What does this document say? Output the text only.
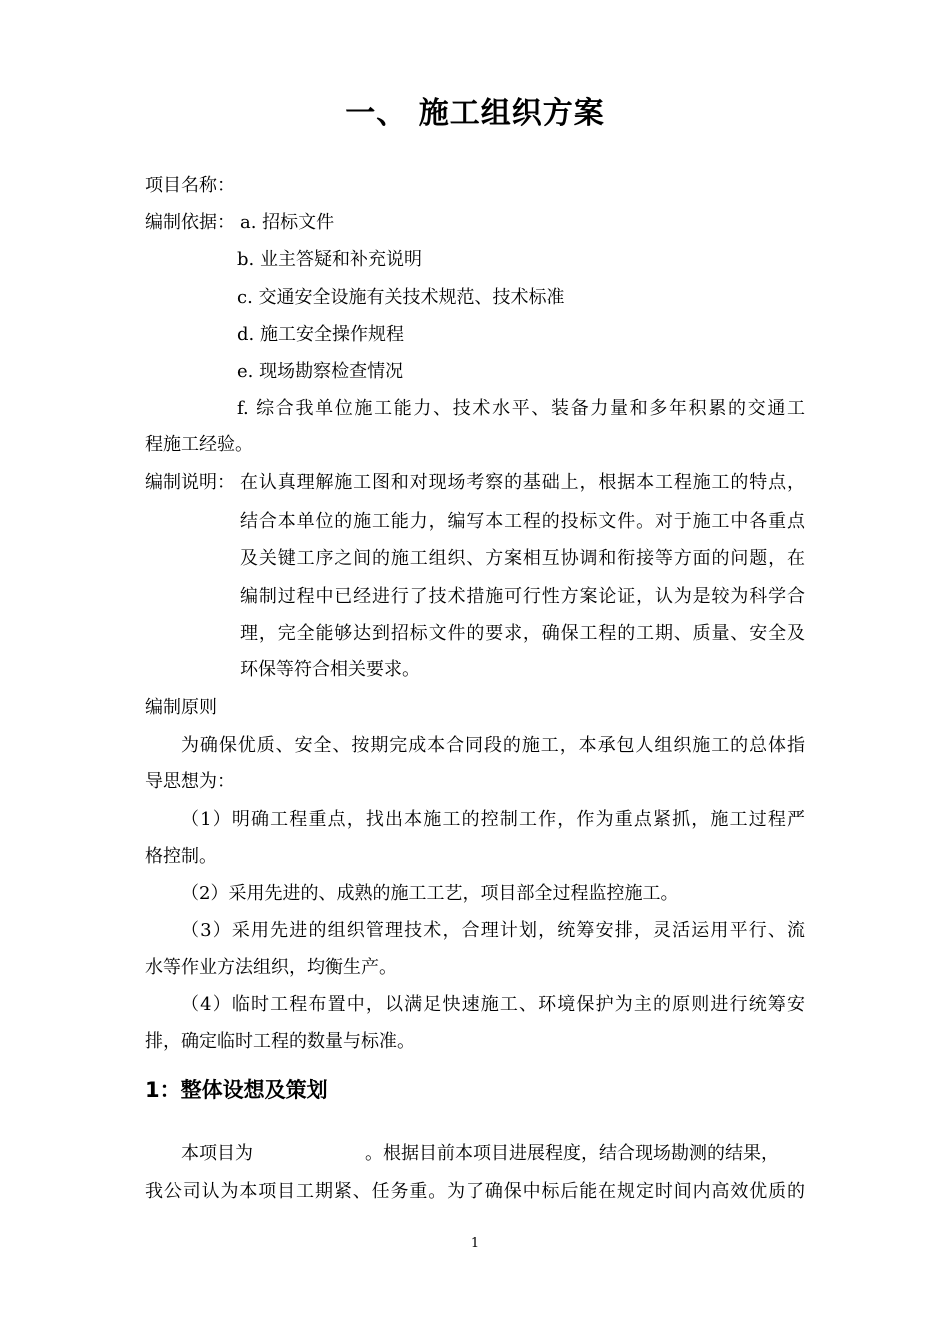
一、 施工组织方案
项目名称：
编制依据： a. 招标文件
b. 业主答疑和补充说明
c. 交通安全设施有关技术规范、技术标准
d. 施工安全操作规程
e. 现场勘察检查情况
f. 综合我单位施工能力、技术水平、装备力量和多年积累的交通工
程施工经验。
编制说明： 在认真理解施工图和对现场考察的基础上，根据本工程施工的特点，
结合本单位的施工能力，编写本工程的投标文件。对于施工中各重点
及关键工序之间的施工组织、方案相互协调和衔接等方面的问题，在
编制过程中已经进行了技术措施可行性方案论证，认为是较为科学合
理，完全能够达到招标文件的要求，确保工程的工期、质量、安全及
环保等符合相关要求。
编制原则
为确保优质、安全、按期完成本合同段的施工，本承包人组织施工的总体指
导思想为：
（1）明确工程重点，找出本施工的控制工作，作为重点紧抓，施工过程严
格控制。
（2）采用先进的、成熟的施工工艺，项目部全过程监控施工。
（3）采用先进的组织管理技术，合理计划，统筹安排，灵活运用平行、流
水等作业方法组织，均衡生产。
（4）临时工程布置中，以满足快速施工、环境保护为主的原则进行统筹安
排，确定临时工程的数量与标准。
1：整体设想及策划
本项目为	。根据目前本项目进展程度，结合现场勘测的结果，
我公司认为本项目工期紧、任务重。为了确保中标后能在规定时间内高效优质的
1
